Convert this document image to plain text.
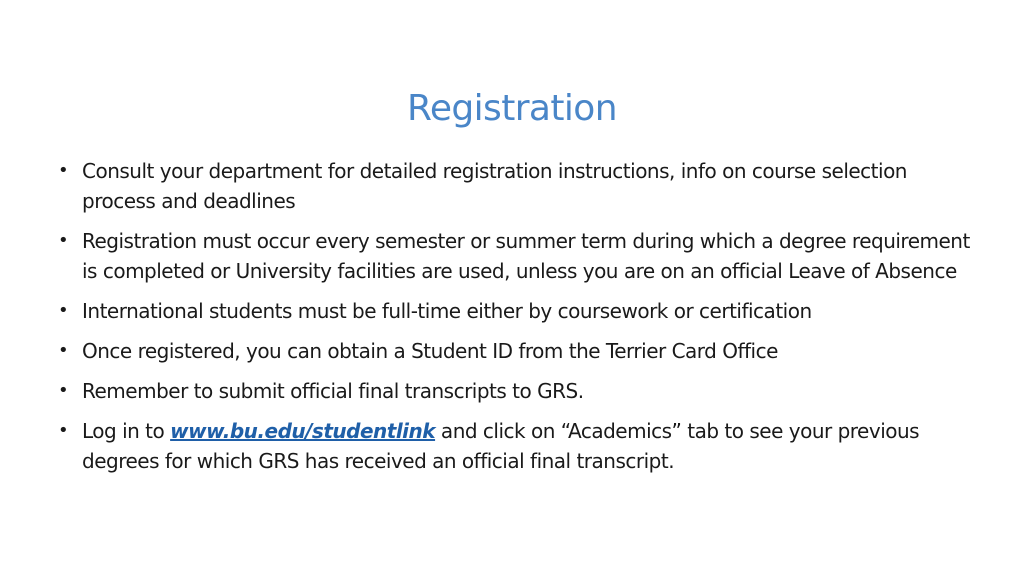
Registration
• Consult your department for detailed registration instructions, info on course selection process and deadlines
• Registration must occur every semester or summer term during which a degree requirement is completed or University facilities are used, unless you are on an official Leave of Absence
• International students must be full-time either by coursework or certification
• Once registered, you can obtain a Student ID from the Terrier Card Office
• Remember to submit official final transcripts to GRS.
• Log in to www.bu.edu/studentlink and click on “Academics” tab to see your previous degrees for which GRS has received an official final transcript.
